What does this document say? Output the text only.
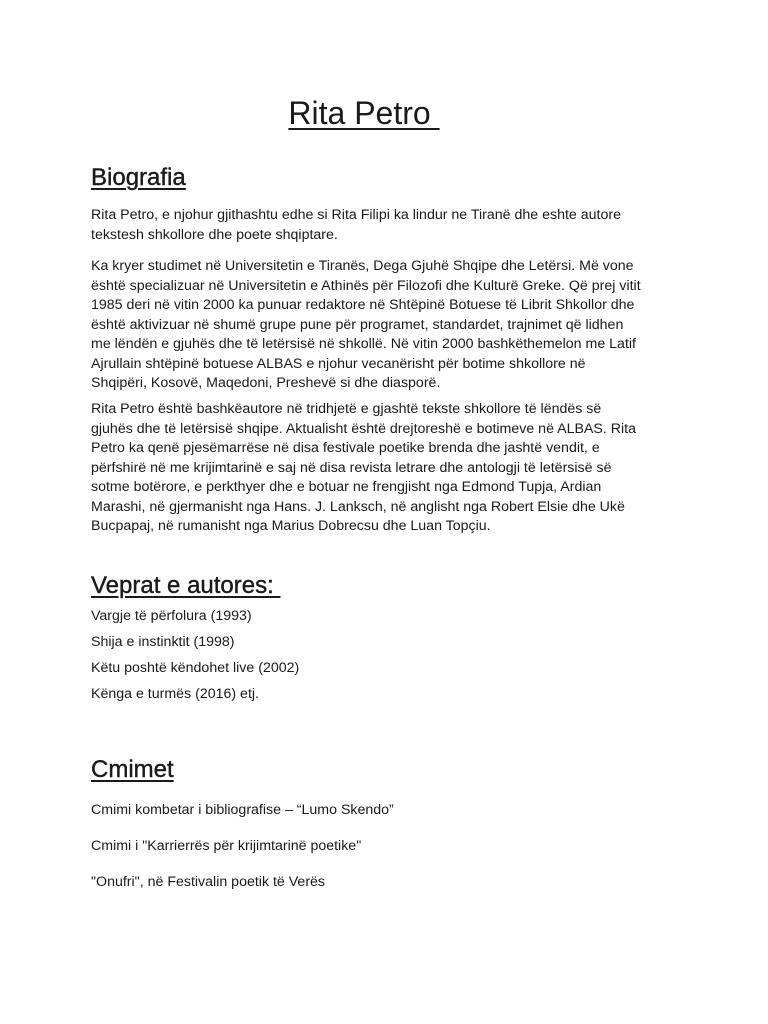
Rita Petro
Biografia

Rita Petro, e njohur gjithashtu edhe si Rita Filipi ka lindur ne Tiranë dhe eshte autore
tekstesh shkollore dhe poete shqiptare.

Ka kryer studimet në Universitetin e Tiranës, Dega Gjuhë Shqipe dhe Letërsi. Më vone
është specializuar në Universitetin e Athinës për Filozofi dhe Kulturë Greke. Që prej vitit
1985 deri në vitin 2000 ka punuar redaktore në Shtëpinë Botuese të Librit Shkollor dhe
është aktivizuar në shumë grupe pune për programet, standardet, trajnimet që lidhen
me lëndën e gjuhës dhe të letërsisë në shkollë. Në vitin 2000 bashkëthemelon me Latif
Ajrullain shtëpinë botuese ALBAS e njohur vecanërisht për botime shkollore në
Shqipëri, Kosovë, Maqedoni, Preshevë si dhe diasporë.

Rita Petro është bashkëautore në tridhjetë e gjashtë tekste shkollore të lëndës së
gjuhës dhe të letërsisë shqipe. Aktualisht është drejtoreshë e botimeve në ALBAS. Rita
Petro ka qenë pjesëmarrëse në disa festivale poetike brenda dhe jashtë vendit, e
përfshirë në me krijimtarinë e saj në disa revista letrare dhe antologji të letërsisë së
sotme botërore, e perkthyer dhe e botuar ne frengjisht nga Edmond Tupja, Ardian
Marashi, në gjermanisht nga Hans. J. Lanksch, në anglisht nga Robert Elsie dhe Ukë
Bucpapaj, në rumanisht nga Marius Dobrecsu dhe Luan Topçiu.

Veprat e autores:
Vargje të përfolura (1993)
Shija e instinktit (1998)
Këtu poshtë këndohet live (2002)
Kënga e turmës (2016) etj.
Cmimet
Cmimi kombetar i bibliografise – “Lumo Skendo”
Cmimi i "Karrierrës për krijimtarinë poetike"
"Onufri", në Festivalin poetik të Verës
